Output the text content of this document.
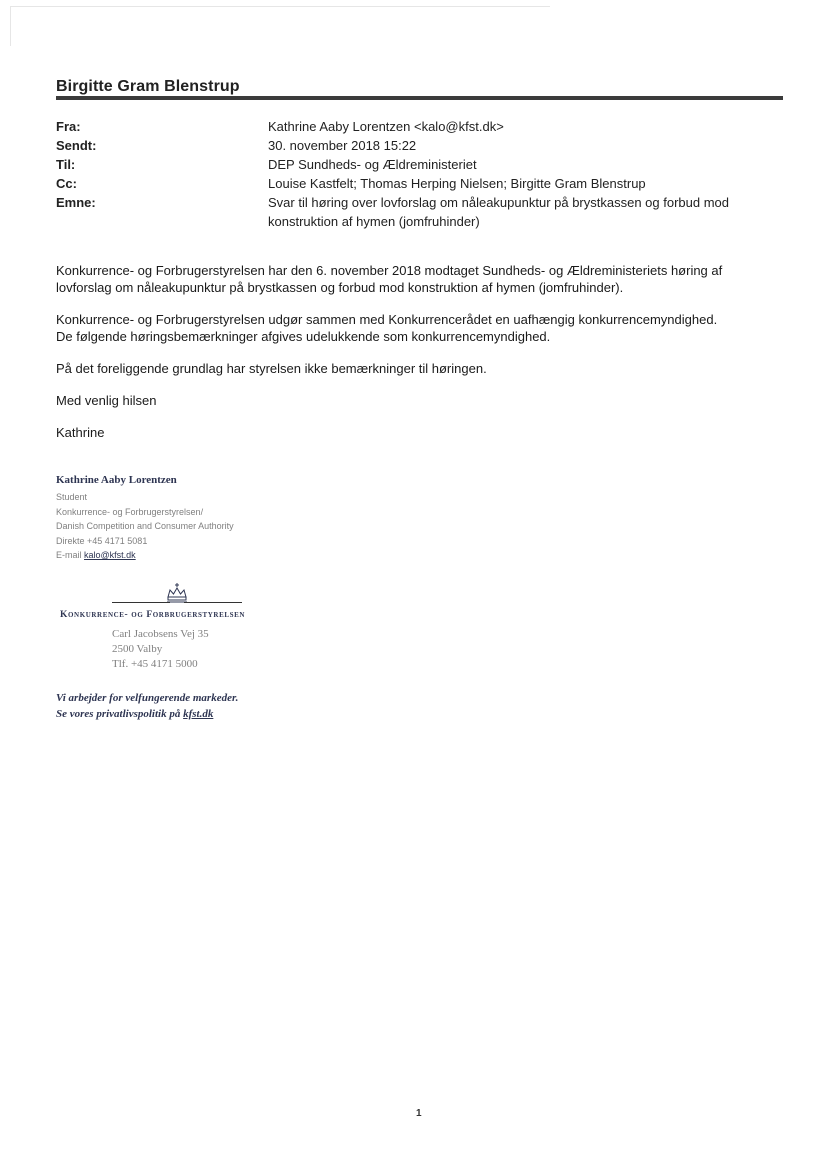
Birgitte Gram Blenstrup
Fra:	Kathrine Aaby Lorentzen <kalo@kfst.dk>
Sendt:	30. november 2018 15:22
Til:	DEP Sundheds- og Ældreministeriet
Cc:	Louise Kastfelt; Thomas Herping Nielsen; Birgitte Gram Blenstrup
Emne:	Svar til høring over lovforslag om nåleakupunktur på brystkassen og forbud mod konstruktion af hymen (jomfruhinder)

Konkurrence- og Forbrugerstyrelsen har den 6. november 2018 modtaget Sundheds- og Ældreministeriets høring af lovforslag om nåleakupunktur på brystkassen og forbud mod konstruktion af hymen (jomfruhinder).

Konkurrence- og Forbrugerstyrelsen udgør sammen med Konkurrencerådet en uafhængig konkurrencemyndighed.
De følgende høringsbemærkninger afgives udelukkende som konkurrencemyndighed.

På det foreliggende grundlag har styrelsen ikke bemærkninger til høringen.

Med venlig hilsen

Kathrine

Kathrine Aaby Lorentzen
Student
Konkurrence- og Forbrugerstyrelsen/
Danish Competition and Consumer Authority
Direkte +45 4171 5081
E-mail kalo@kfst.dk
Konkurrence- og Forbrugerstyrelsen
Carl Jacobsens Vej 35
2500 Valby
Tlf. +45 4171 5000
Vi arbejder for velfungerende markeder.
Se vores privatlivspolitik på kfst.dk
1
